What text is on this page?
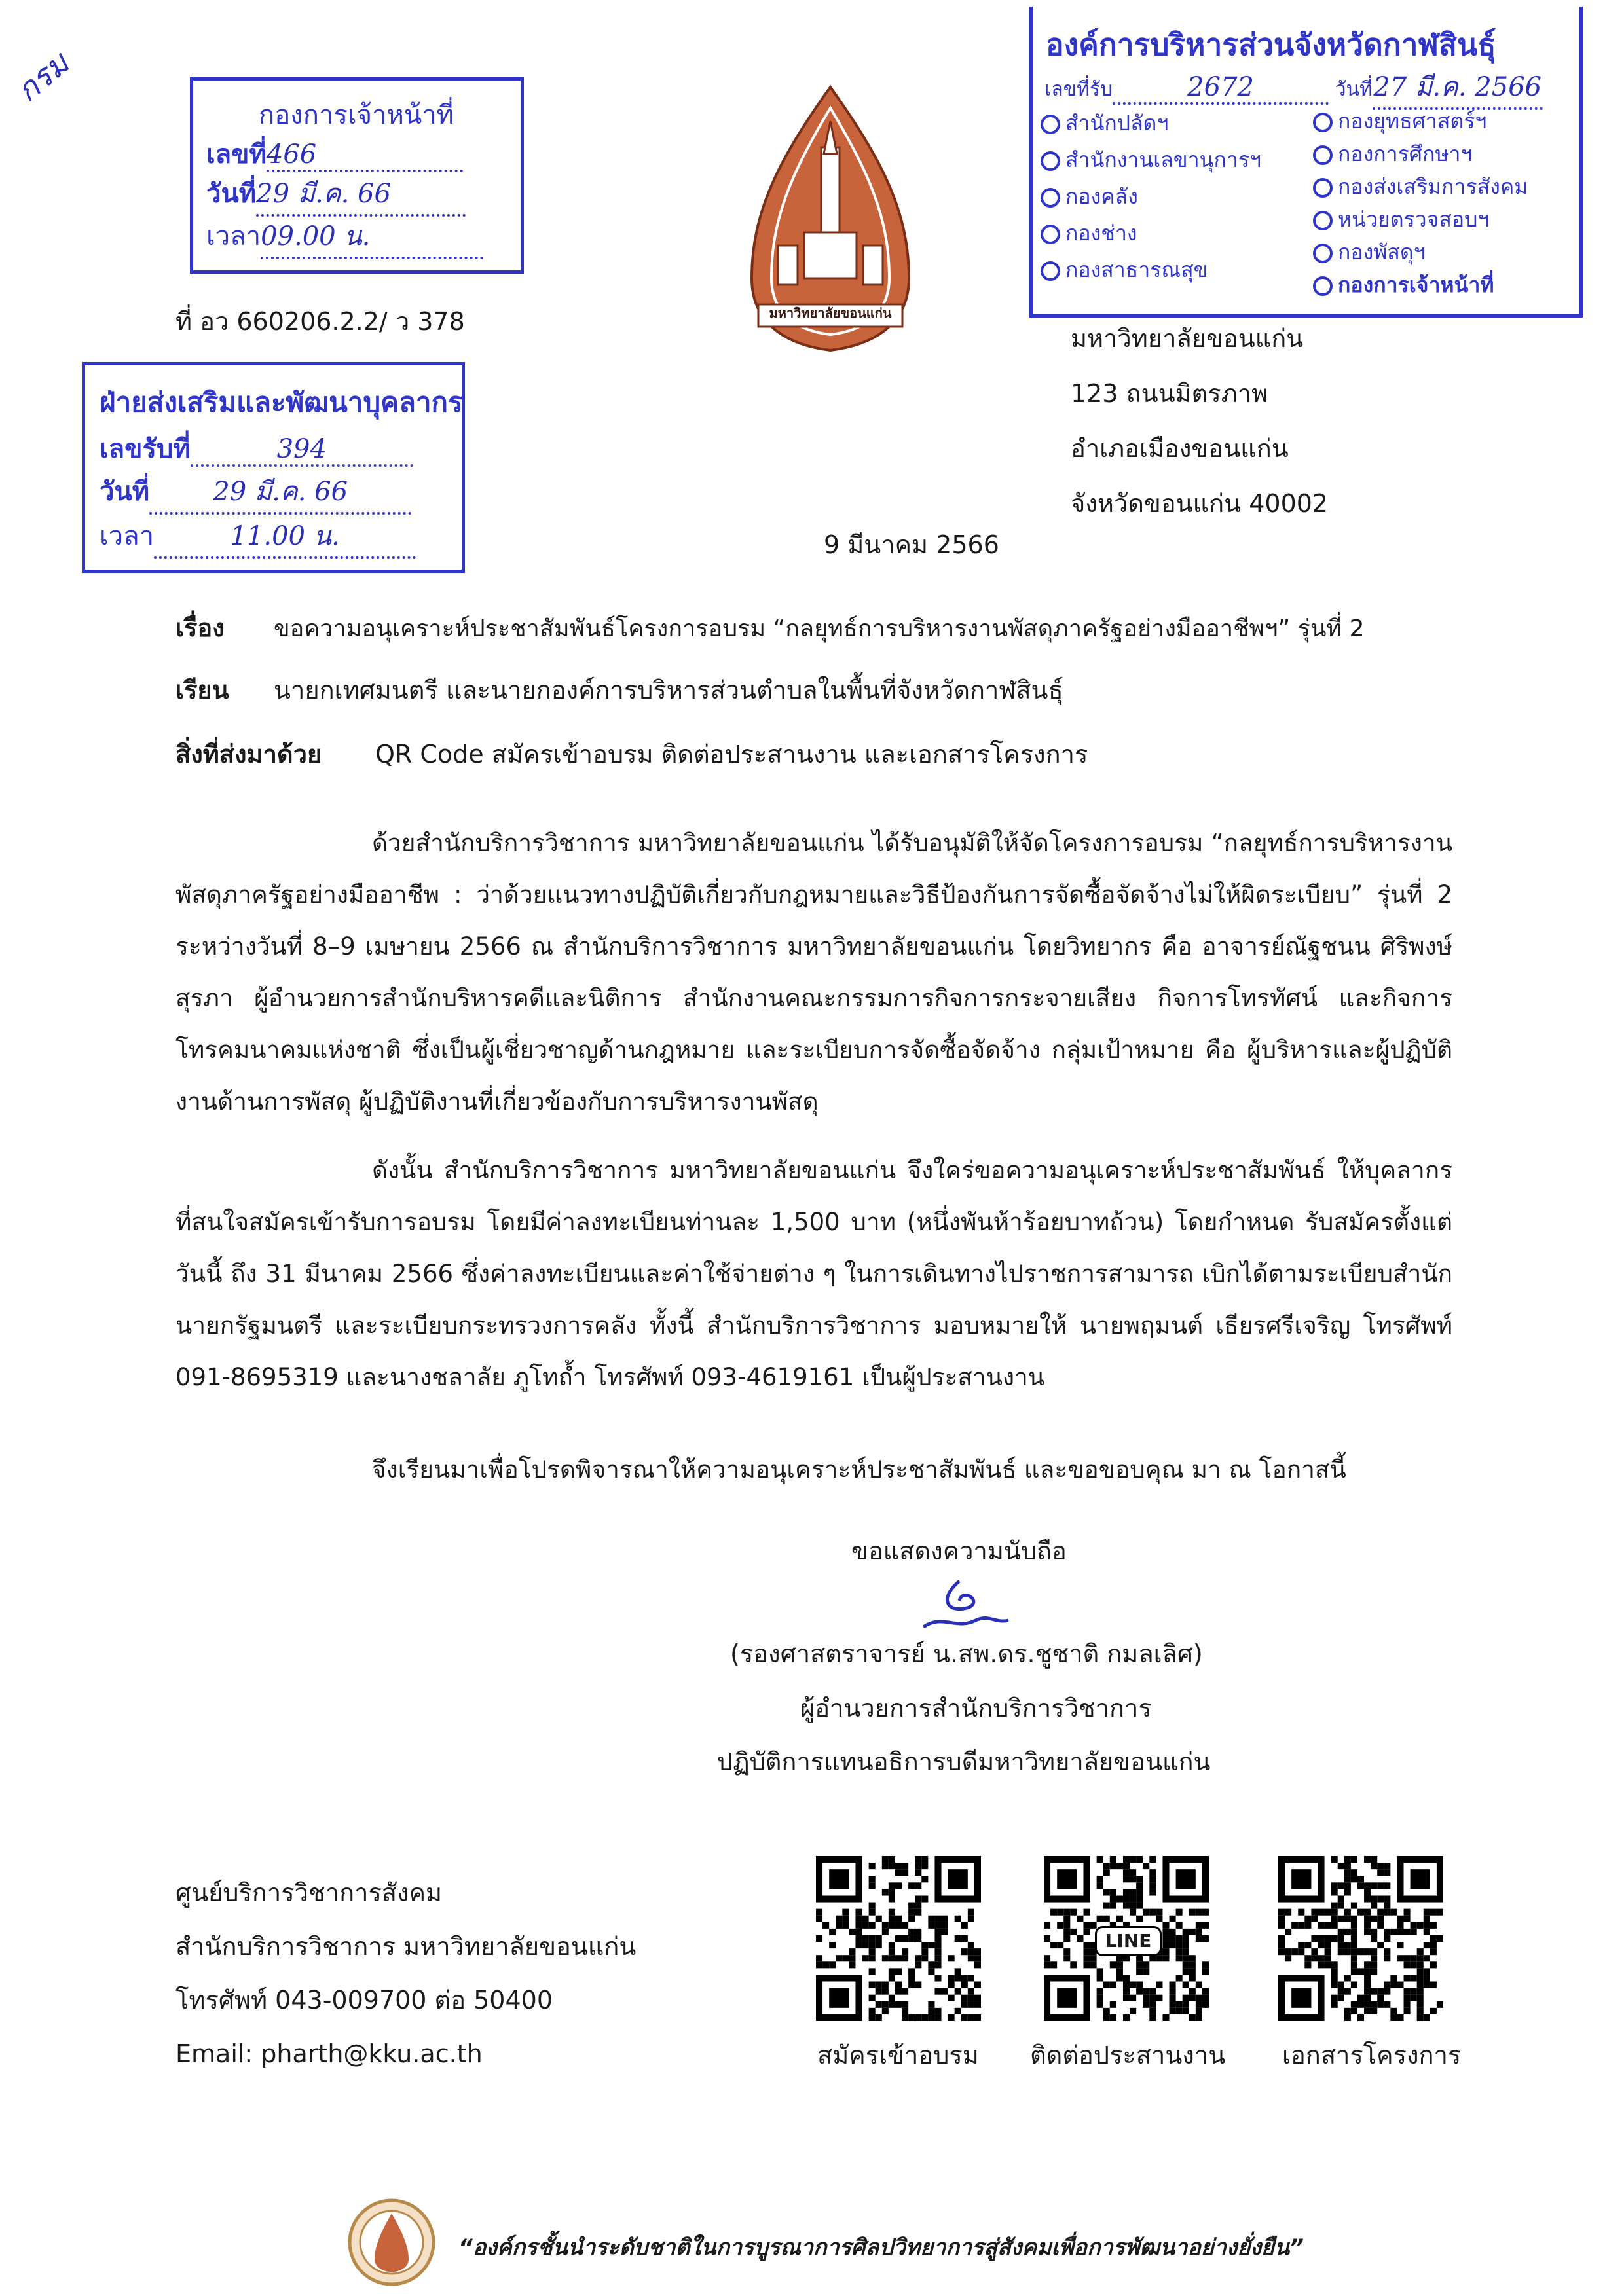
กรม
กองการเจ้าหน้าที่
เลขที่466
วันที่29 มี.ค. 66
เวลา09.00 น.
องค์การบริหารส่วนจังหวัดกาฬสินธุ์
เลขที่รับ	2672	วันที่27 มี.ค. 2566
สำนักปลัดฯ
สำนักงานเลขานุการฯ
กองคลัง
กองช่าง
กองสาธารณสุข
กองยุทธศาสตร์ฯ
กองการศึกษาฯ
กองส่งเสริมการสังคม
หน่วยตรวจสอบฯ
กองพัสดุฯ
กองการเจ้าหน้าที่
ฝ่ายส่งเสริมและพัฒนาบุคลากร
เลขรับที่	394
วันที่ 29 มี.ค. 66
เวลา	11.00 น.
มหาวิทยาลัยขอนแก่น
ที่ อว 660206.2.2/ ว 378
มหาวิทยาลัยขอนแก่น
123 ถนนมิตรภาพ
อำเภอเมืองขอนแก่น
จังหวัดขอนแก่น 40002
9 มีนาคม 2566
เรื่อง ขอความอนุเคราะห์ประชาสัมพันธ์โครงการอบรม “กลยุทธ์การบริหารงานพัสดุภาครัฐอย่างมืออาชีพฯ” รุ่นที่ 2
เรียน นายกเทศมนตรี และนายกองค์การบริหารส่วนตำบลในพื้นที่จังหวัดกาฬสินธุ์
สิ่งที่ส่งมาด้วย QR Code สมัครเข้าอบรม ติดต่อประสานงาน และเอกสารโครงการ
ด้วยสำนักบริการวิชาการ มหาวิทยาลัยขอนแก่น ได้รับอนุมัติให้จัดโครงการอบรม “กลยุทธ์การบริหารงานพัสดุภาครัฐอย่างมืออาชีพ : ว่าด้วยแนวทางปฏิบัติเกี่ยวกับกฎหมายและวิธีป้องกันการจัดซื้อจัดจ้างไม่ให้ผิดระเบียบ” รุ่นที่ 2 ระหว่างวันที่ 8–9 เมษายน 2566 ณ สำนักบริการวิชาการ มหาวิทยาลัยขอนแก่น โดยวิทยากร คือ อาจารย์ณัฐชนน ศิริพงษ์สุรภา ผู้อำนวยการสำนักบริหารคดีและนิติการ สำนักงานคณะกรรมการกิจการกระจายเสียง กิจการโทรทัศน์ และกิจการโทรคมนาคมแห่งชาติ ซึ่งเป็นผู้เชี่ยวชาญด้านกฎหมาย และระเบียบการจัดซื้อจัดจ้าง กลุ่มเป้าหมาย คือ ผู้บริหารและผู้ปฏิบัติงานด้านการพัสดุ ผู้ปฏิบัติงานที่เกี่ยวข้องกับการบริหารงานพัสดุ
ดังนั้น สำนักบริการวิชาการ มหาวิทยาลัยขอนแก่น จึงใคร่ขอความอนุเคราะห์ประชาสัมพันธ์ ให้บุคลากรที่สนใจสมัครเข้ารับการอบรม โดยมีค่าลงทะเบียนท่านละ 1,500 บาท (หนึ่งพันห้าร้อยบาทถ้วน) โดยกำหนด รับสมัครตั้งแต่วันนี้ ถึง 31 มีนาคม 2566 ซึ่งค่าลงทะเบียนและค่าใช้จ่ายต่าง ๆ ในการเดินทางไปราชการสามารถ เบิกได้ตามระเบียบสำนักนายกรัฐมนตรี และระเบียบกระทรวงการคลัง ทั้งนี้ สำนักบริการวิชาการ มอบหมายให้ นายพฤมนต์ เธียรศรีเจริญ โทรศัพท์ 091-8695319 และนางชลาลัย ภูโทถ้ำ โทรศัพท์ 093-4619161 เป็นผู้ประสานงาน
จึงเรียนมาเพื่อโปรดพิจารณาให้ความอนุเคราะห์ประชาสัมพันธ์ และขอขอบคุณ มา ณ โอกาสนี้
ขอแสดงความนับถือ
(รองศาสตราจารย์ น.สพ.ดร.ชูชาติ กมลเลิศ)
ผู้อำนวยการสำนักบริการวิชาการ
ปฏิบัติการแทนอธิการบดีมหาวิทยาลัยขอนแก่น
ศูนย์บริการวิชาการสังคม
สำนักบริการวิชาการ มหาวิทยาลัยขอนแก่น
โทรศัพท์ 043-009700 ต่อ 50400
Email: pharth@kku.ac.th
LINE
สมัครเข้าอบรม ติดต่อประสานงาน เอกสารโครงการ
“องค์กรชั้นนำระดับชาติในการบูรณาการศิลปวิทยาการสู่สังคมเพื่อการพัฒนาอย่างยั่งยืน”
